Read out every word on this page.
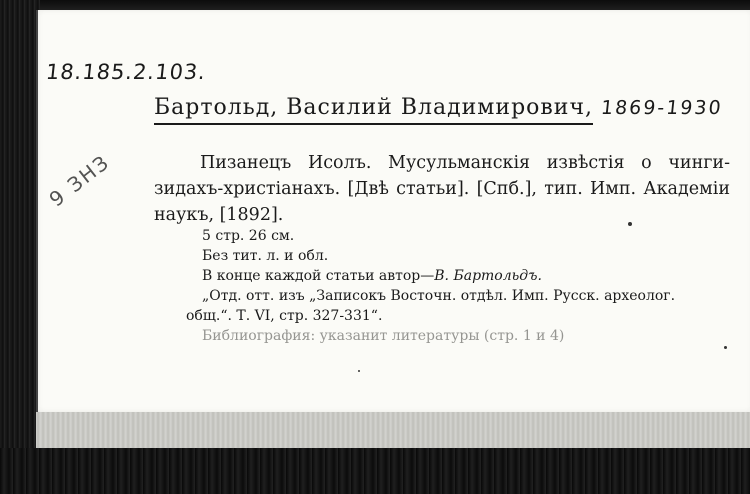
18.185.2.103.
Бартольд, Василий Владимирович, 1869-1930
9 ЗНЗ	Пизанецъ Исолъ. Мусульманскія извѣстія о чинги- зидахъ-христіанахъ. [Двѣ статьи]. [Спб.], тип. Имп. Академіи наукъ, [1892].
5 стр. 26 см.
Без тит. л. и обл.
В конце каждой статьи автор—В. Бартольдъ.
„Отд. отт. изъ „Записокъ Восточн. отдѣл. Имп. Русск. археолог.
общ.“. Т. VI, стр. 327-331“.
Библиография: указанит литературы (стр. 1 и 4)
